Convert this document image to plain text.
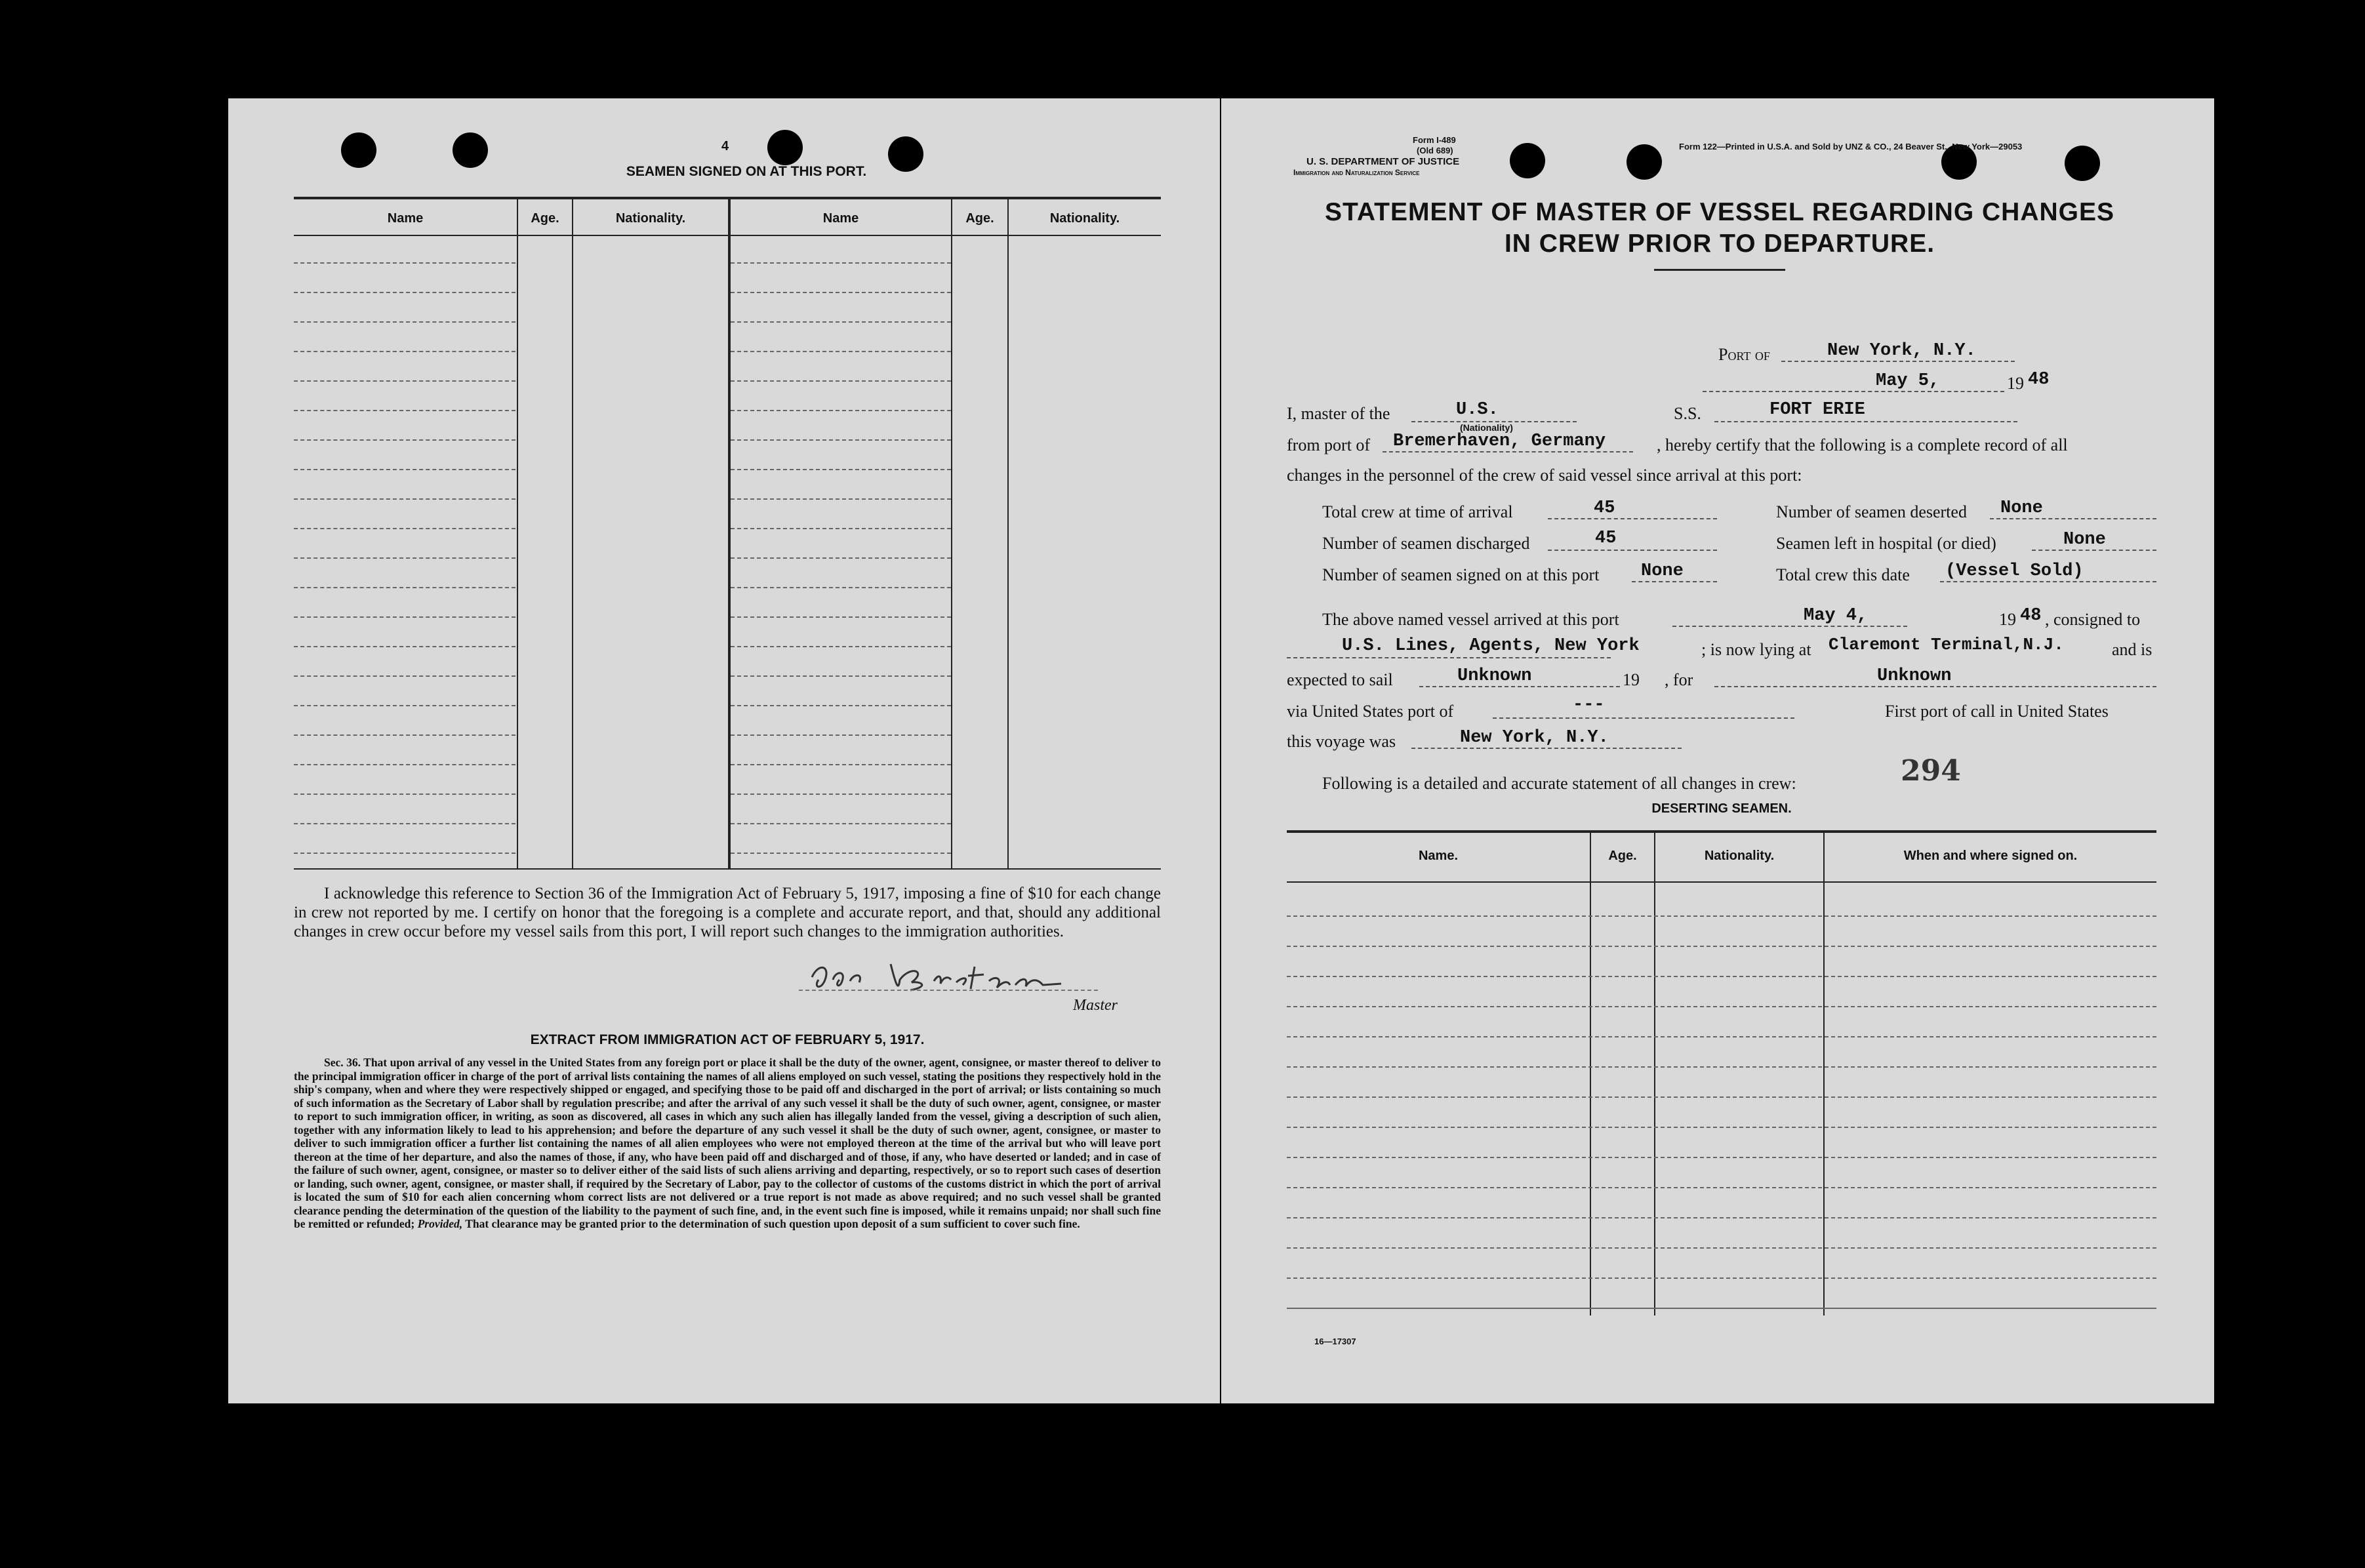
4
SEAMEN SIGNED ON AT THIS PORT.
Name	Age.	Nationality.	Name	Age.	Nationality.
I acknowledge this reference to Section 36 of the Immigration Act of February 5, 1917, imposing a fine of $10 for each change in crew not reported by me. I certify on honor that the foregoing is a complete and accurate report, and that, should any additional changes in crew occur before my vessel sails from this port, I will report such changes to the immigration authorities.
Master
EXTRACT FROM IMMIGRATION ACT OF FEBRUARY 5, 1917.
Sec. 36. That upon arrival of any vessel in the United States from any foreign port or place it shall be the duty of the owner, agent, consignee, or master thereof to deliver to the principal immigration officer in charge of the port of arrival lists containing the names of all aliens employed on such vessel, stating the positions they respectively hold in the ship's company, when and where they were respectively shipped or engaged, and specifying those to be paid off and discharged in the port of arrival; or lists containing so much of such information as the Secretary of Labor shall by regulation prescribe; and after the arrival of any such vessel it shall be the duty of such owner, agent, consignee, or master to report to such immigration officer, in writing, as soon as discovered, all cases in which any such alien has illegally landed from the vessel, giving a description of such alien, together with any information likely to lead to his apprehension; and before the departure of any such vessel it shall be the duty of such owner, agent, consignee, or master to deliver to such immigration officer a further list containing the names of all alien employees who were not employed thereon at the time of the arrival but who will leave port thereon at the time of her departure, and also the names of those, if any, who have been paid off and discharged and of those, if any, who have deserted or landed; and in case of the failure of such owner, agent, consignee, or master so to deliver either of the said lists of such aliens arriving and departing, respectively, or so to report such cases of desertion or landing, such owner, agent, consignee, or master shall, if required by the Secretary of Labor, pay to the collector of customs of the customs district in which the port of arrival is located the sum of $10 for each alien concerning whom correct lists are not delivered or a true report is not made as above required; and no such vessel shall be granted clearance pending the determination of the question of the liability to the payment of such fine, and, in the event such fine is imposed, while it remains unpaid; nor shall such fine be remitted or refunded; Provided, That clearance may be granted prior to the determination of such question upon deposit of a sum sufficient to cover such fine.
Form I-489
(Old 689)
U. S. DEPARTMENT OF JUSTICE
Immigration and Naturalization Service
Form 122—Printed in U.S.A. and Sold by UNZ & CO., 24 Beaver St., New York—29053
STATEMENT OF MASTER OF VESSEL REGARDING CHANGES
IN CREW PRIOR TO DEPARTURE.
Port of	New York, N.Y.
May 5,	19 48
I, master of the	U.S.
(Nationality)
S.S.	FORT ERIE
from port of Bremerhaven, Germany	, hereby certify that the following is a complete record of all
changes in the personnel of the crew of said vessel since arrival at this port:
Total crew at time of arrival	45	Number of seamen deserted None
Number of seamen discharged	45	Seamen left in hospital (or died)	None
Number of seamen signed on at this port None	Total crew this date (Vessel Sold)
The above named vessel arrived at this port	May 4,	19 48 , consigned to
U.S. Lines, Agents, New York	; is now lying at Claremont Terminal,N.J.	and is
expected to sail	Unknown	19 , for	Unknown
via United States port of	---	First port of call in United States
this voyage was	New York, N.Y.
294
Following is a detailed and accurate statement of all changes in crew:
DESERTING SEAMEN.
Name.	Age.	Nationality.	When and where signed on.
16—17307
